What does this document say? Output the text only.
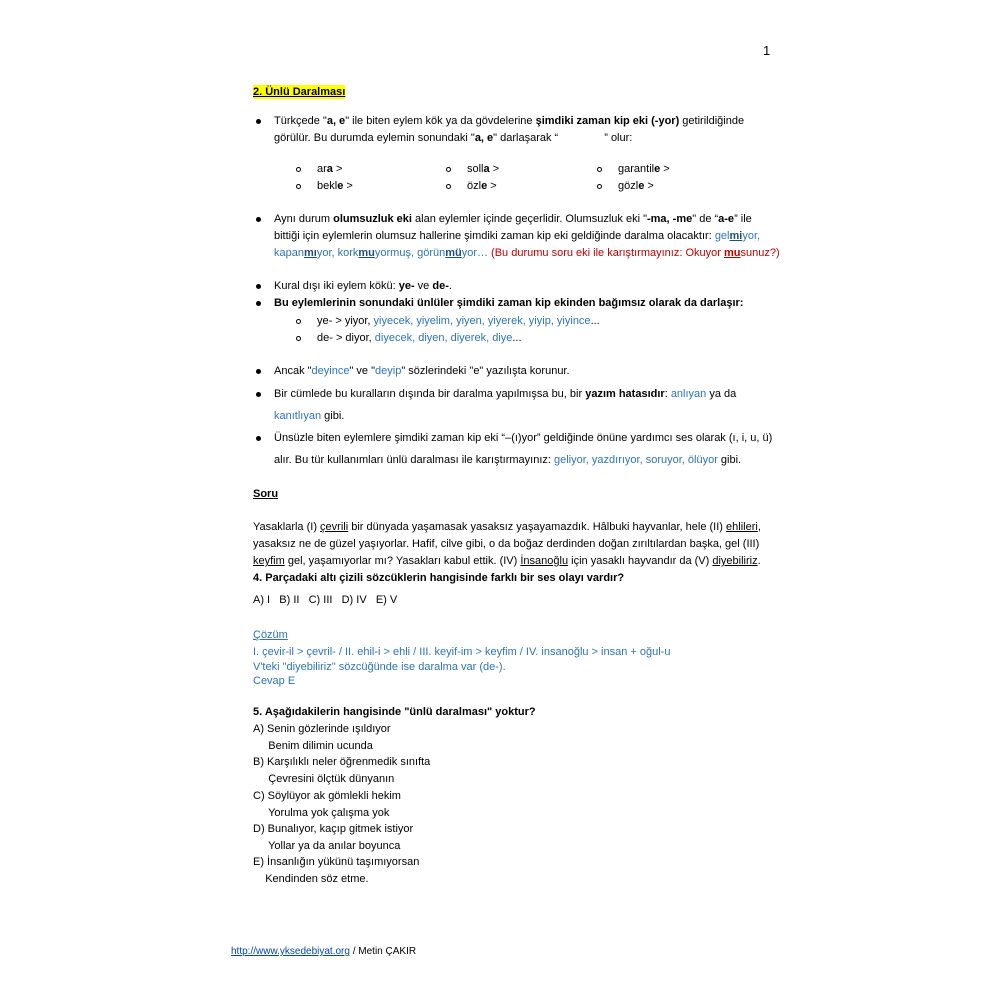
1
2. Ünlü Daralması
Türkçede "a, e" ile biten eylem kök ya da gövdelerine şimdiki zaman kip eki (-yor) getirildiğinde
görülür. Bu durumda eylemin sonundaki "a, e" darlaşarak “	” olur:
ara >
bekle >
solla >
özle >
garantile >
gözle >
Aynı durum olumsuzluk eki alan eylemler içinde geçerlidir. Olumsuzluk eki "-ma, -me" de “a-e” ile
bittiği için eylemlerin olumsuz hallerine şimdiki zaman kip eki geldiğinde daralma olacaktır: gelmiyor,
kapanmıyor, korkmuyormuş, görünmüyor… (Bu durumu soru eki ile karıştırmayınız: Okuyor musunuz?)
Kural dışı iki eylem kökü: ye- ve de-.
Bu eylemlerinin sonundaki ünlüler şimdiki zaman kip ekinden bağımsız olarak da darlaşır:
ye- > yiyor, yiyecek, yiyelim, yiyen, yiyerek, yiyip, yiyince...
de- > diyor, diyecek, diyen, diyerek, diye...
Ancak "deyince" ve "deyip" sözlerindeki "e" yazılışta korunur.
Bir cümlede bu kuralların dışında bir daralma yapılmışsa bu, bir yazım hatasıdır: anlıyan ya da
kanıtlıyan gibi.
Ünsüzle biten eylemlere şimdiki zaman kip eki “–(ı)yor” geldiğinde önüne yardımcı ses olarak (ı, i, u, ü)
alır. Bu tür kullanımları ünlü daralması ile karıştırmayınız: geliyor, yazdırıyor, soruyor, ölüyor gibi.
Soru
Yasaklarla (I) çevrili bir dünyada yaşamasak yasaksız yaşayamazdık. Hâlbuki hayvanlar, hele (II) ehlileri,
yasaksız ne de güzel yaşıyorlar. Hafif, cilve gibi, o da boğaz derdinden doğan zırıltılardan başka, gel (III)
keyfim gel, yaşamıyorlar mı? Yasakları kabul ettik. (IV) İnsanoğlu için yasaklı hayvandır da (V) diyebiliriz.
4. Parçadaki altı çizili sözcüklerin hangisinde farklı bir ses olayı vardır?
A) I   B) II   C) III   D) IV   E) V
Çözüm
I. çevir-il > çevril- / II. ehil-i > ehli / III. keyif-im > keyfim / IV. insanoğlu > insan + oğul-u
V'teki "diyebiliriz" sözcüğünde ise daralma var (de-).
Cevap E
5. Aşağıdakilerin hangisinde "ünlü daralması" yoktur?
A) Senin gözlerinde ışıldıyor
Benim dilimin ucunda
B) Karşılıklı neler öğrenmedik sınıfta
Çevresini ölçtük dünyanın
C) Söylüyor ak gömlekli hekim
Yorulma yok çalışma yok
D) Bunalıyor, kaçıp gitmek istiyor
Yollar ya da anılar boyunca
E) İnsanlığın yükünü taşımıyorsan
Kendinden söz etme.
http://www.yksedebiyat.org / Metin ÇAKIR
